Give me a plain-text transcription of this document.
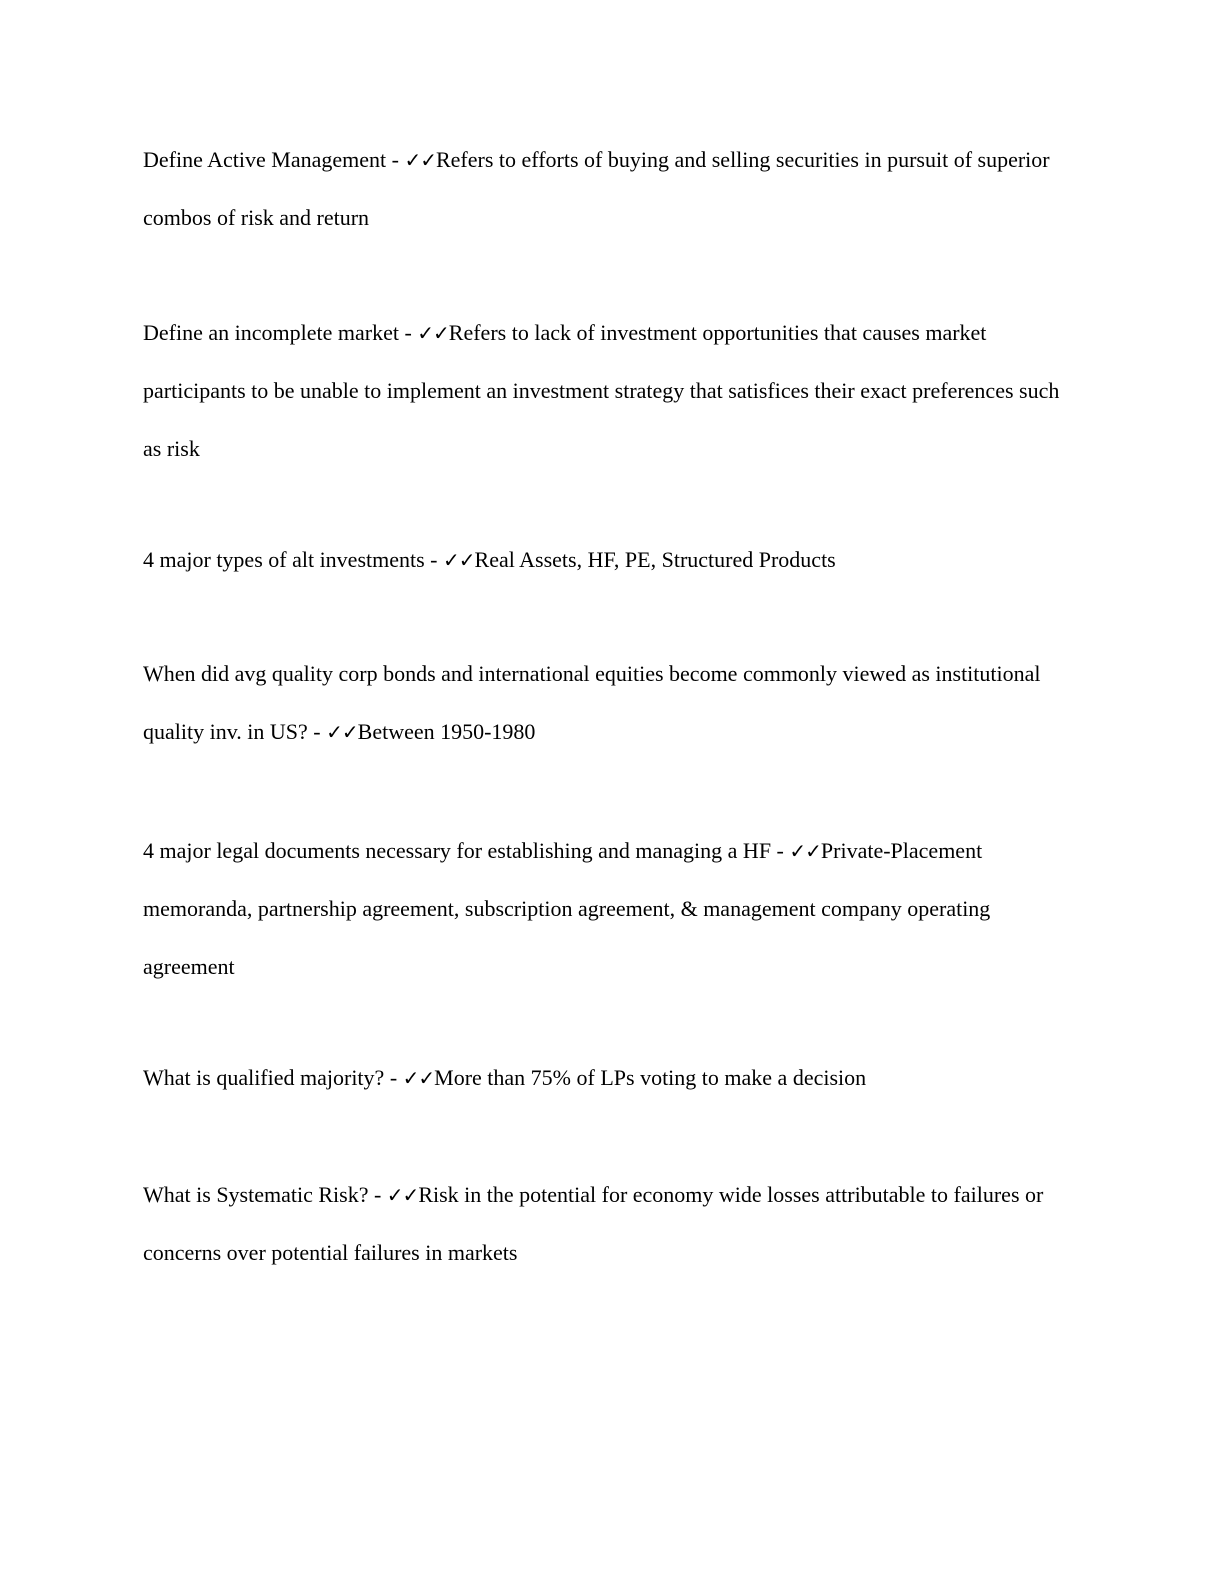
Define Active Management - ✓✓Refers to efforts of buying and selling securities in pursuit of superior combos of risk and return

Define an incomplete market - ✓✓Refers to lack of investment opportunities that causes market participants to be unable to implement an investment strategy that satisfices their exact preferences such as risk

4 major types of alt investments - ✓✓Real Assets, HF, PE, Structured Products

When did avg quality corp bonds and international equities become commonly viewed as institutional quality inv. in US? - ✓✓Between 1950-1980

4 major legal documents necessary for establishing and managing a HF - ✓✓Private-Placement memoranda, partnership agreement, subscription agreement, & management company operating agreement

What is qualified majority? - ✓✓More than 75% of LPs voting to make a decision

What is Systematic Risk? - ✓✓Risk in the potential for economy wide losses attributable to failures or concerns over potential failures in markets
